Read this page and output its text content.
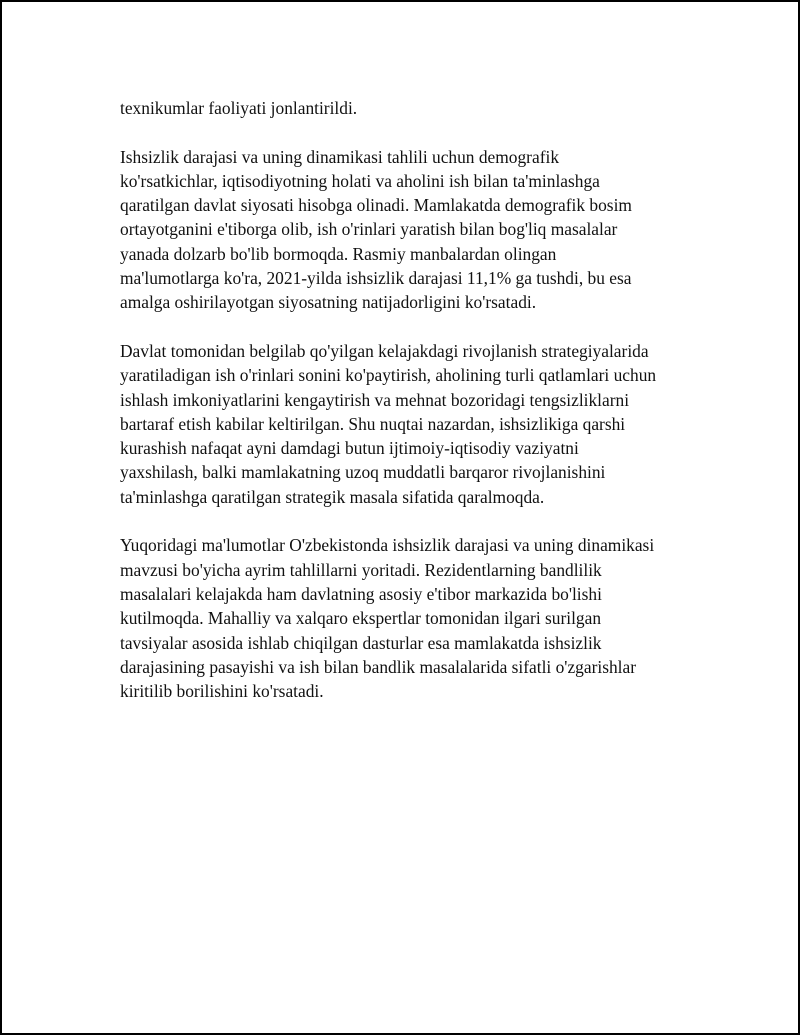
texnikumlar faoliyati jonlantirildi.
Ishsizlik darajasi va uning dinamikasi tahlili uchun demografik
ko'rsatkichlar, iqtisodiyotning holati va aholini ish bilan ta'minlashga
qaratilgan davlat siyosati hisobga olinadi. Mamlakatda demografik bosim
ortayotganini e'tiborga olib, ish o'rinlari yaratish bilan bog'liq masalalar
yanada dolzarb bo'lib bormoqda. Rasmiy manbalardan olingan
ma'lumotlarga ko'ra, 2021-yilda ishsizlik darajasi 11,1% ga tushdi, bu esa
amalga oshirilayotgan siyosatning natijadorligini ko'rsatadi.
Davlat tomonidan belgilab qo'yilgan kelajakdagi rivojlanish strategiyalarida
yaratiladigan ish o'rinlari sonini ko'paytirish, aholining turli qatlamlari uchun
ishlash imkoniyatlarini kengaytirish va mehnat bozoridagi tengsizliklarni
bartaraf etish kabilar keltirilgan. Shu nuqtai nazardan, ishsizlikiga qarshi
kurashish nafaqat ayni damdagi butun ijtimoiy-iqtisodiy vaziyatni
yaxshilash, balki mamlakatning uzoq muddatli barqaror rivojlanishini
ta'minlashga qaratilgan strategik masala sifatida qaralmoqda.
Yuqoridagi ma'lumotlar O'zbekistonda ishsizlik darajasi va uning dinamikasi
mavzusi bo'yicha ayrim tahlillarni yoritadi. Rezidentlarning bandlilik
masalalari kelajakda ham davlatning asosiy e'tibor markazida bo'lishi
kutilmoqda. Mahalliy va xalqaro ekspertlar tomonidan ilgari surilgan
tavsiyalar asosida ishlab chiqilgan dasturlar esa mamlakatda ishsizlik
darajasining pasayishi va ish bilan bandlik masalalarida sifatli o'zgarishlar
kiritilib borilishini ko'rsatadi.
